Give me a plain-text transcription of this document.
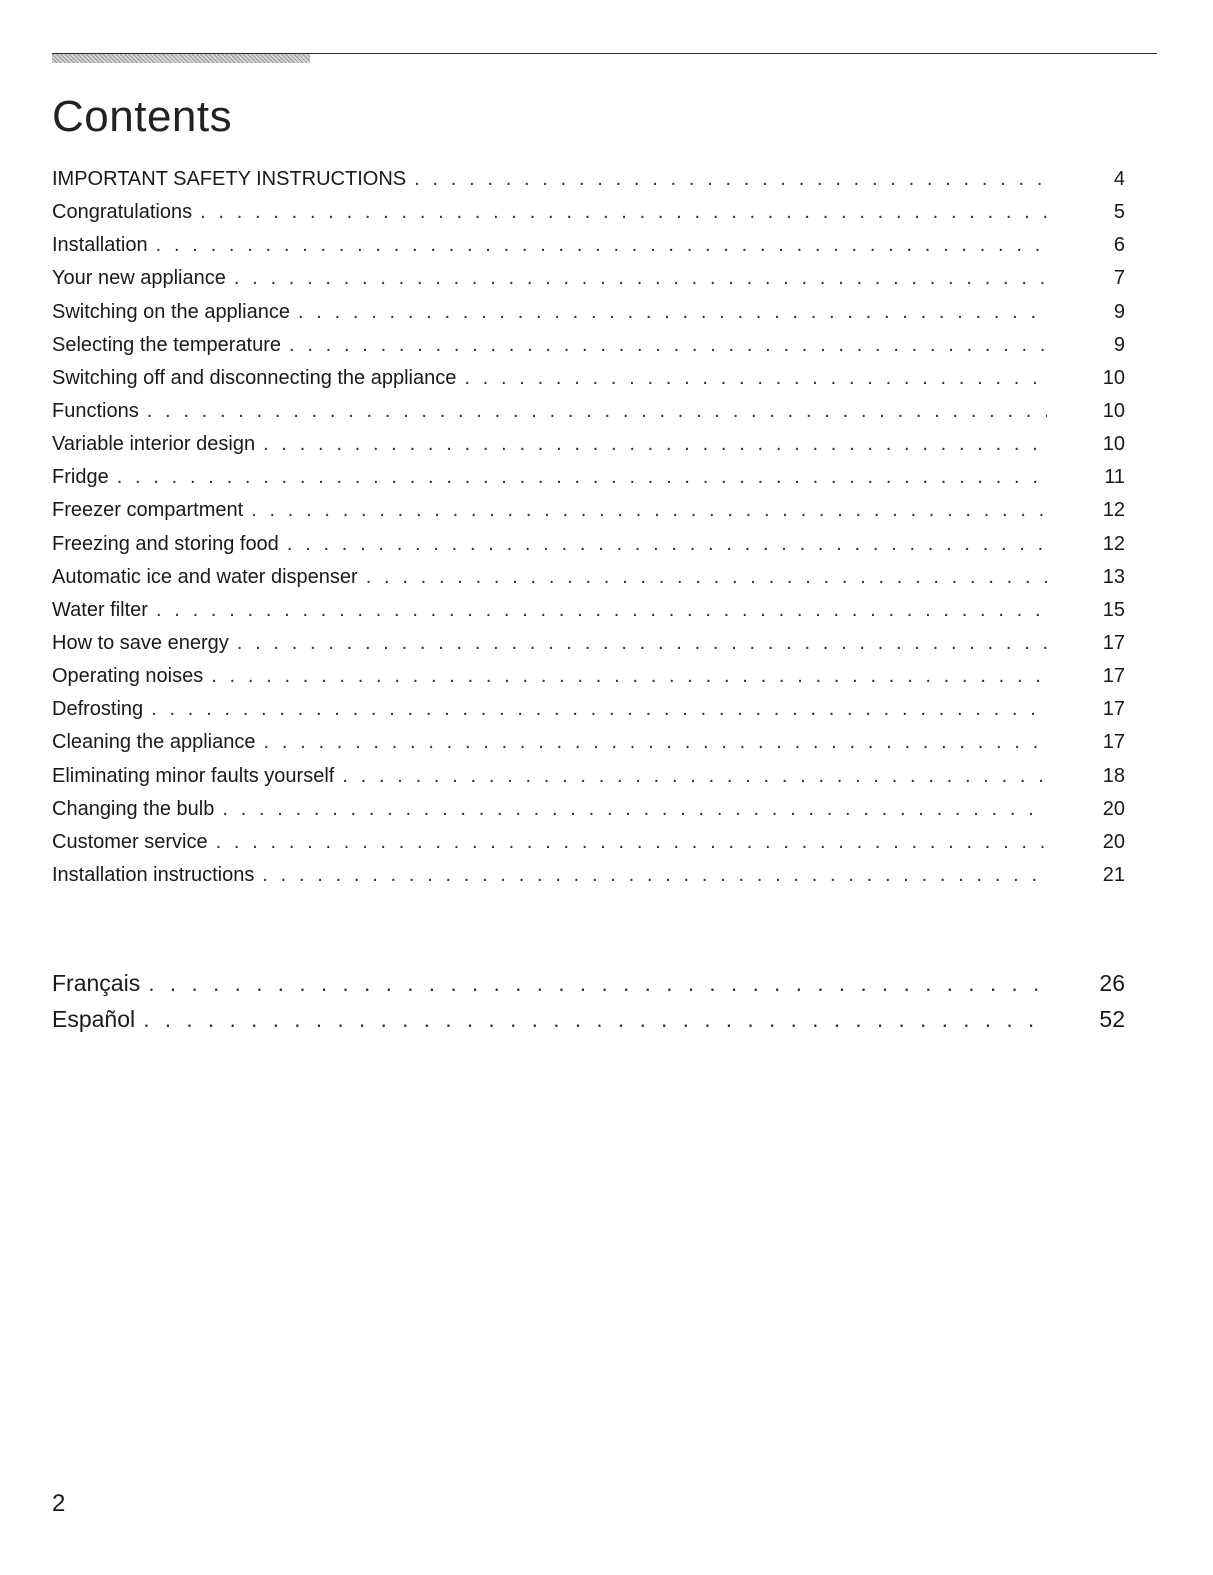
Contents
IMPORTANT SAFETY INSTRUCTIONS . . .	4
Congratulations . . .	5
Installation . . .	6
Your new appliance . . .	7
Switching on the appliance . . .	9
Selecting the temperature . . .	9
Switching off and disconnecting the appliance . . .	10
Functions . . .	10
Variable interior design . . .	10
Fridge . . .	11
Freezer compartment . . .	12
Freezing and storing food . . .	12
Automatic ice and water dispenser . . .	13
Water filter . . .	15
How to save energy . . .	17
Operating noises . . .	17
Defrosting . . .	17
Cleaning the appliance . . .	17
Eliminating minor faults yourself . . .	18
Changing the bulb . . .	20
Customer service . . .	20
Installation instructions . . .	21
Français . . .	26
Español . . .	52
2
